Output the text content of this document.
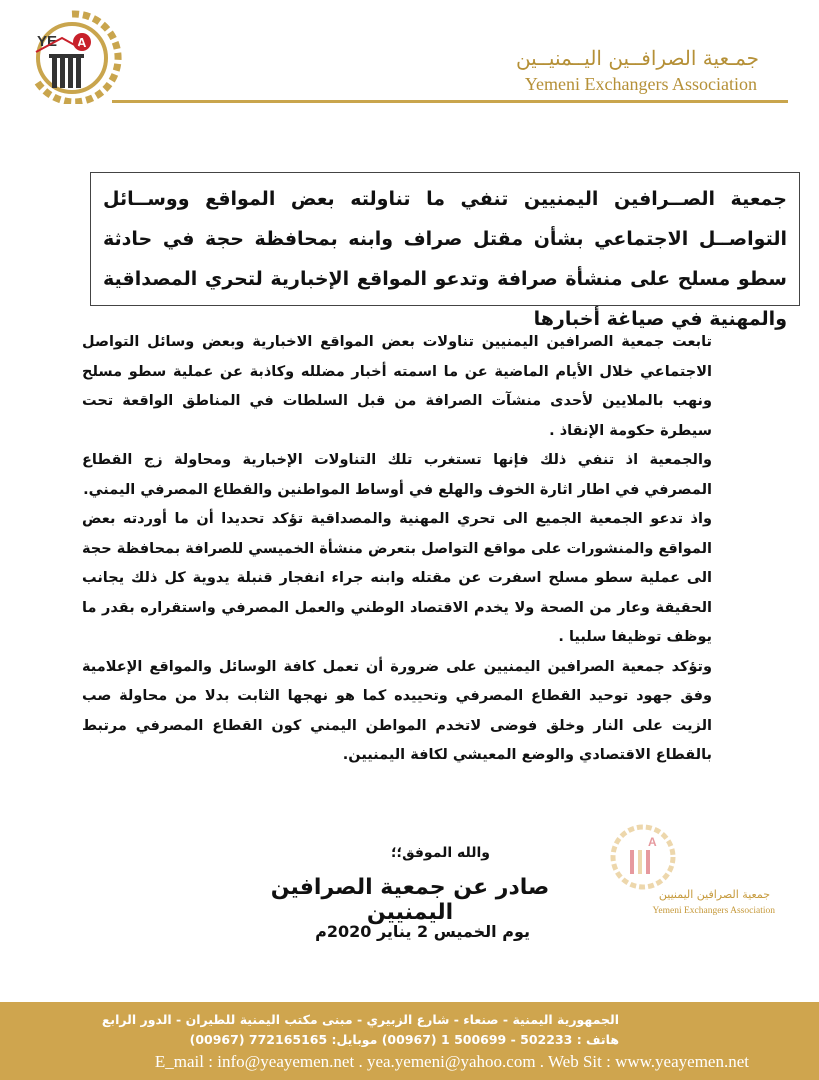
YE A
جمـعية الصرافــين اليــمنيــين
Yemeni Exchangers Association
جمعية الصــرافين اليمنيين تنفي ما تناولته بعض المواقع ووســائل التواصــل الاجتماعي بشأن مقتل صراف وابنه بمحافظة حجة في حادثة سطو مسلح على منشأة صرافة وتدعو المواقع الإخبارية لتحري المصداقية والمهنية في صياغة أخبارها

تابعت جمعية الصرافين اليمنيين تناولات بعض المواقع الاخبارية وبعض وسائل التواصل الاجتماعي خلال الأيام الماضية عن ما اسمته أخبار مضلله وكاذبة عن عملية سطو مسلح ونهب بالملايين لأحدى منشآت الصرافة من قبل السلطات في المناطق الواقعة تحت سيطرة حكومة الإنقاذ .

والجمعية اذ تنفي ذلك فإنها تستغرب تلك التناولات الإخبارية ومحاولة زج القطاع المصرفي في اطار اثارة الخوف والهلع في أوساط المواطنين والقطاع المصرفي اليمني.

واذ تدعو الجمعية الجميع الى تحري المهنية والمصداقية تؤكد تحديدا أن ما أوردته بعض المواقع والمنشورات على مواقع التواصل بتعرض منشأة الخميسي للصرافة بمحافظة حجة الى عملية سطو مسلح اسفرت عن مقتله وابنه جراء انفجار قنبلة يدوية كل ذلك يجانب الحقيقة وعار من الصحة ولا يخدم الاقتصاد الوطني والعمل المصرفي واستقراره بقدر ما يوظف توظيفا سلبيا .

وتؤكد جمعية الصرافين اليمنيين على ضرورة أن تعمل كافة الوسائل والمواقع الإعلامية وفق جهود توحيد القطاع المصرفي وتحييده كما هو نهجها الثابت بدلا من محاولة صب الزيت على النار وخلق فوضى لاتخدم المواطن اليمني كون القطاع المصرفي مرتبط بالقطاع الاقتصادي والوضع المعيشي لكافة اليمنيين.

A
جمعية الصرافين اليمنيين
Yemeni Exchangers Association
والله الموفق؛؛
صادر عن جمعية الصرافين اليمنيين
يوم الخميس 2 يناير 2020م
الجمهورية اليمنية - صنعاء - شارع الزبيري - مبنى مكتب اليمنية للطيران - الدور الرابع
هاتف : 502233 - 500699 1 (00967) موبايل: 772165165 (00967)
E_mail : info@yeayemen.net . yea.yemeni@yahoo.com . Web Sit : www.yeayemen.net
